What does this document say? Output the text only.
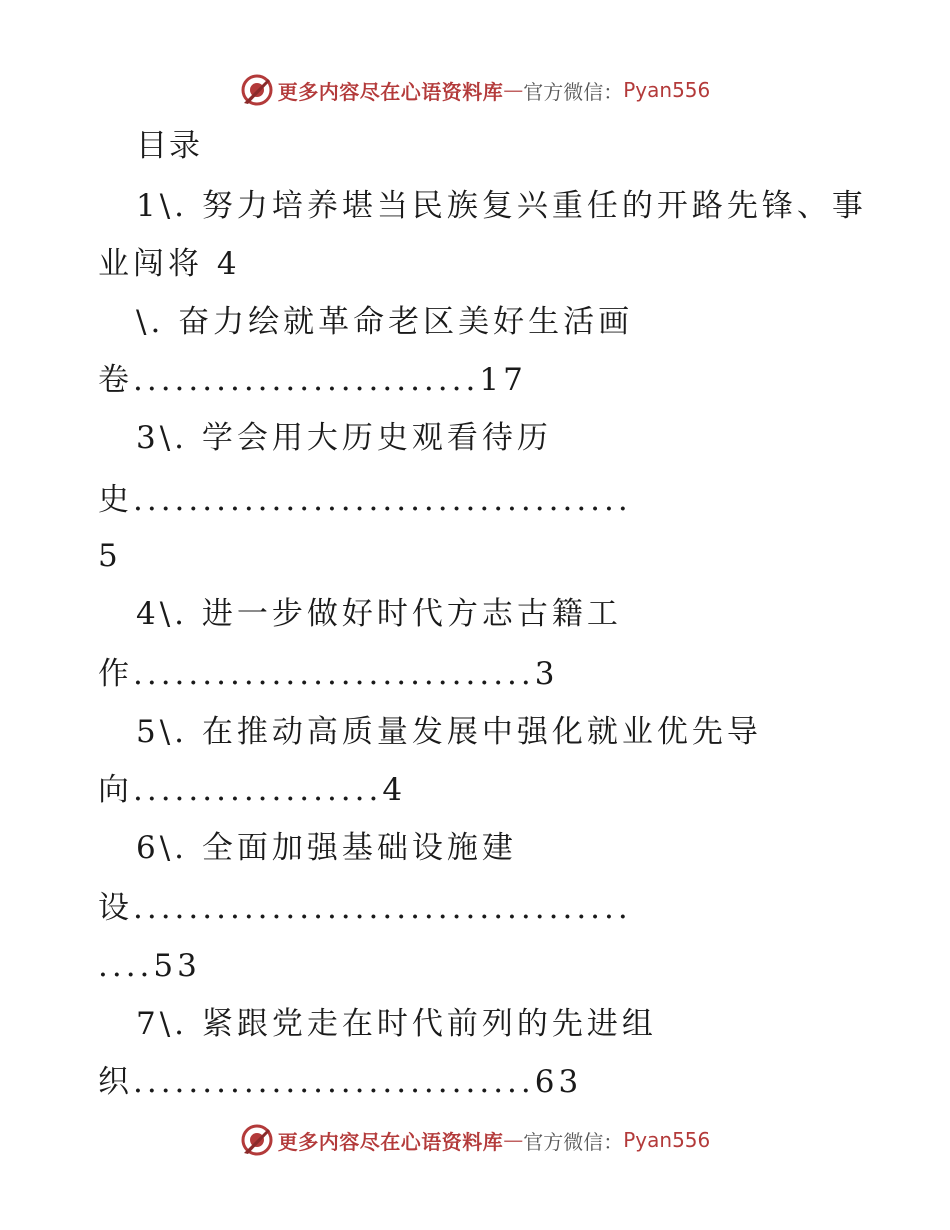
更多内容尽在心语资料库 — 官方微信： Pyan556
目录
1\. 努力培养堪当民族复兴重任的开路先锋、事
业闯将 4
\. 奋力绘就革命老区美好生活画
卷.........................17
3\. 学会用大历史观看待历
史....................................
5
4\. 进一步做好时代方志古籍工
作.............................3
5\. 在推动高质量发展中强化就业优先导
向..................4
6\. 全面加强基础设施建
设....................................
....53
7\. 紧跟党走在时代前列的先进组
织.............................63
更多内容尽在心语资料库 — 官方微信： Pyan556
